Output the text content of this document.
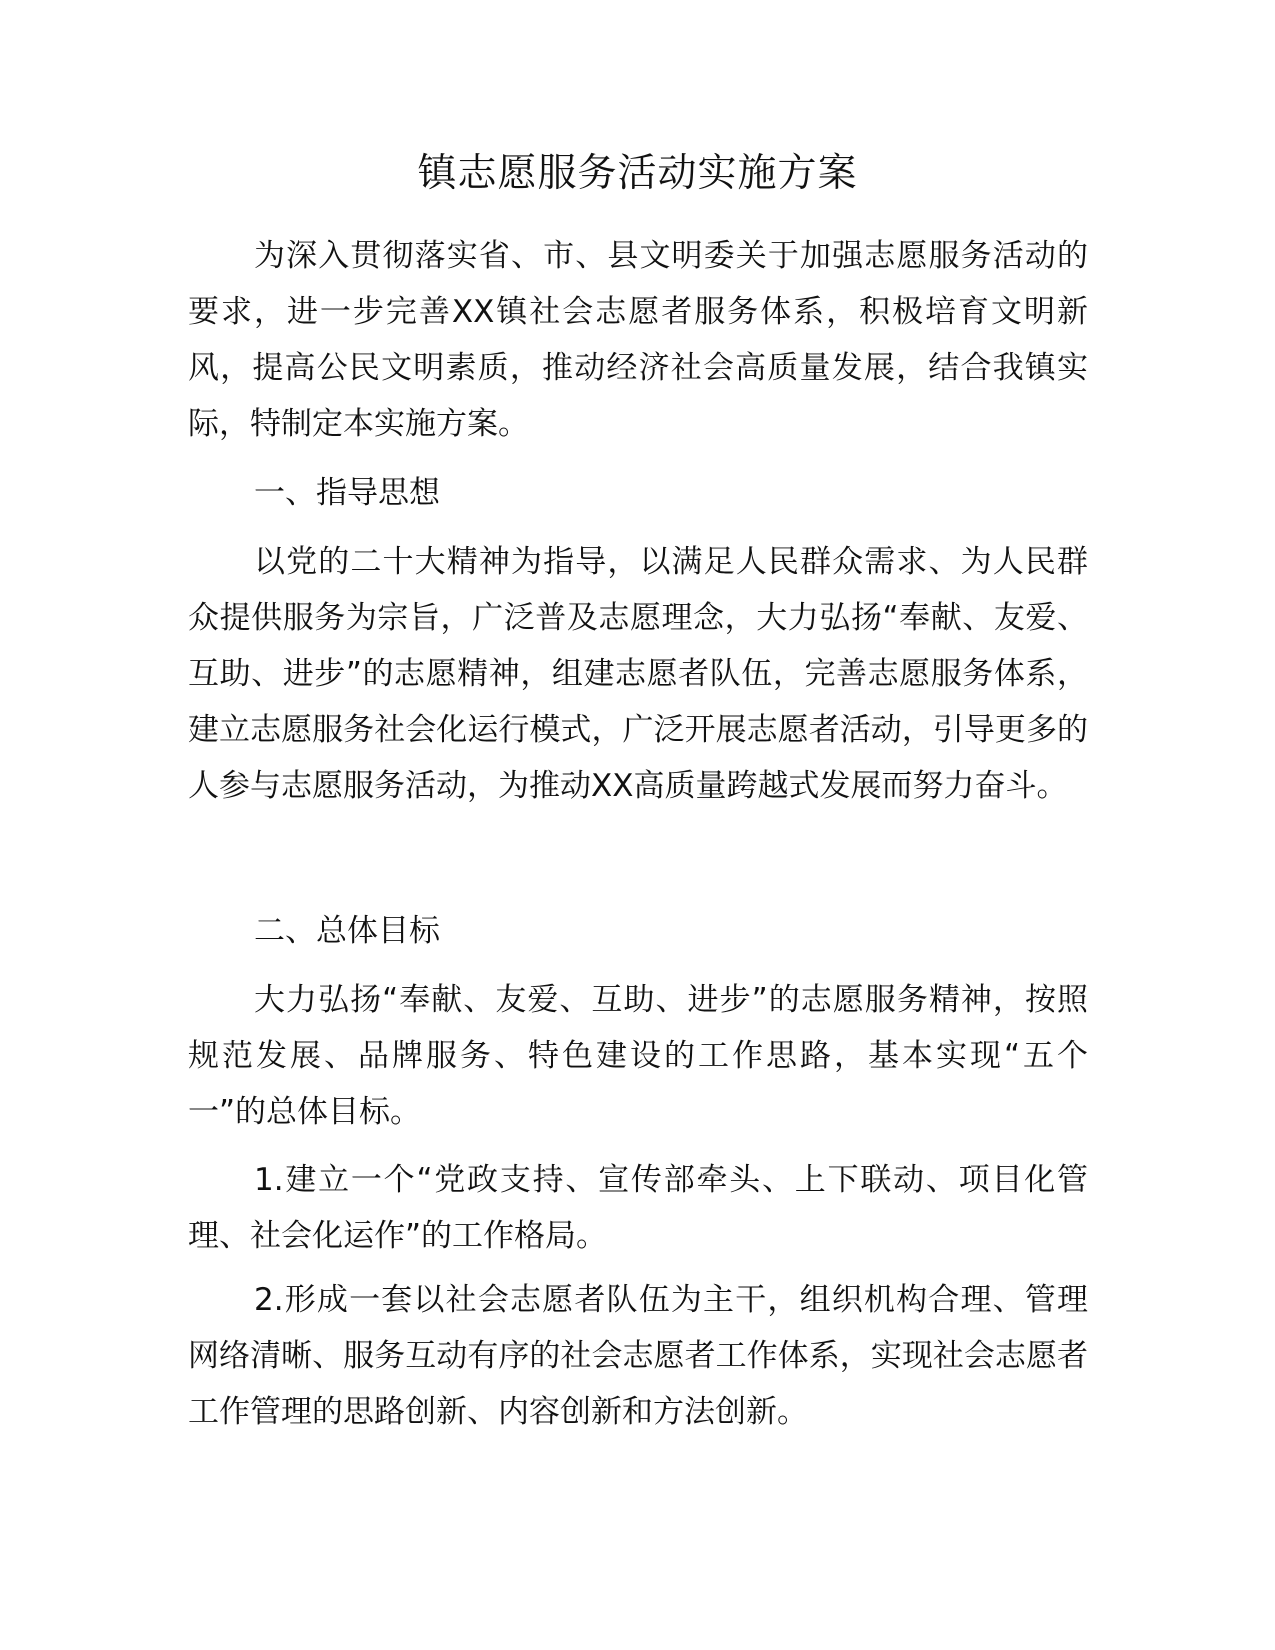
镇志愿服务活动实施方案

为深入贯彻落实省、市、县文明委关于加强志愿服务活动的要求，进一步完善XX镇社会志愿者服务体系，积极培育文明新风，提高公民文明素质，推动经济社会高质量发展，结合我镇实际，特制定本实施方案。

一、指导思想

以党的二十大精神为指导，以满足人民群众需求、为人民群众提供服务为宗旨，广泛普及志愿理念，大力弘扬“奉献、友爱、互助、进步”的志愿精神，组建志愿者队伍，完善志愿服务体系，建立志愿服务社会化运行模式，广泛开展志愿者活动，引导更多的人参与志愿服务活动，为推动XX高质量跨越式发展而努力奋斗。

二、总体目标

大力弘扬“奉献、友爱、互助、进步”的志愿服务精神，按照规范发展、品牌服务、特色建设的工作思路，基本实现“五个一”的总体目标。

1.建立一个“党政支持、宣传部牵头、上下联动、项目化管理、社会化运作”的工作格局。

2.形成一套以社会志愿者队伍为主干，组织机构合理、管理网络清晰、服务互动有序的社会志愿者工作体系，实现社会志愿者工作管理的思路创新、内容创新和方法创新。
